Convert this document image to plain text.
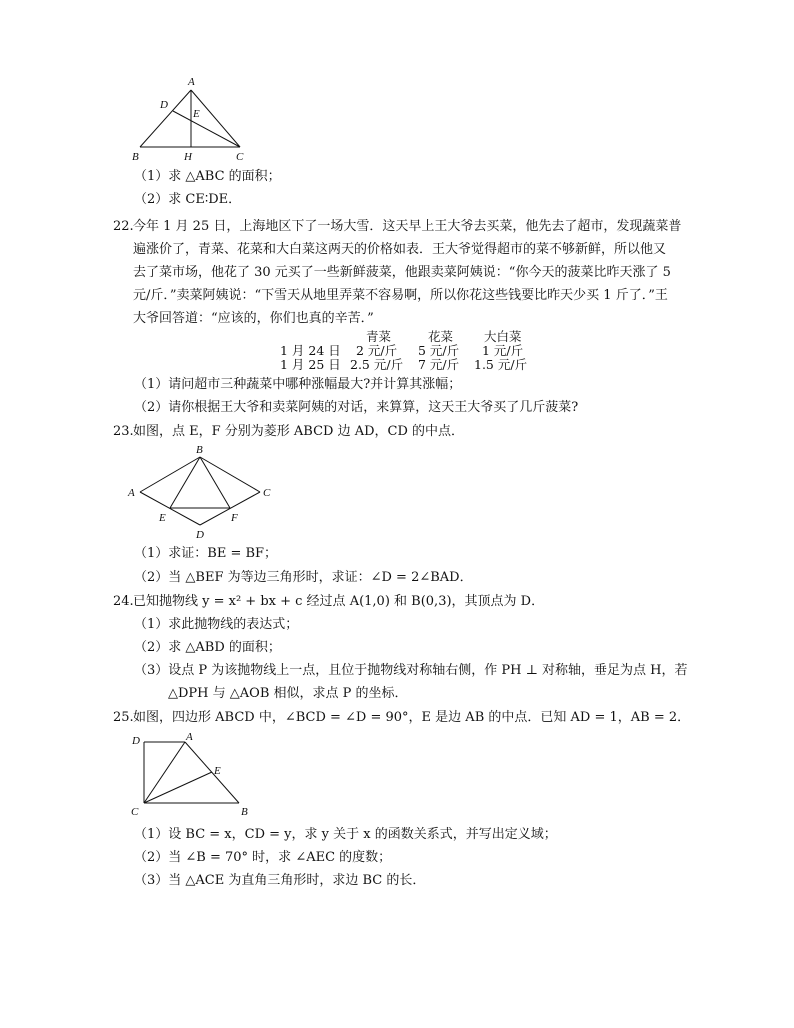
A
D
E
B	H	C
（1）求 △ABC 的面积；
（2）求 CE∶DE．
22. 今年 1 月 25 日，上海地区下了一场大雪．这天早上王大爷去买菜，他先去了超市，发现蔬菜普
遍涨价了，青菜、花菜和大白菜这两天的价格如表．王大爷觉得超市的菜不够新鲜，所以他又
去了菜市场，他花了 30 元买了一些新鲜菠菜，他跟卖菜阿姨说：“你今天的菠菜比昨天涨了 5
元/斤．”卖菜阿姨说：“下雪天从地里弄菜不容易啊，所以你花这些钱要比昨天少买 1 斤了．”王
大爷回答道：“应该的，你们也真的辛苦．”
青菜	花菜 大白菜
1 月 24 日 2 元/斤 5 元/斤 1 元/斤
1 月 25 日 2.5 元/斤 7 元/斤 1.5 元/斤
（1）请问超市三种蔬菜中哪种涨幅最大?并计算其涨幅；
（2）请你根据王大爷和卖菜阿姨的对话，来算算，这天王大爷买了几斤菠菜?
23. 如图，点 E，F 分别为菱形 ABCD 边 AD，CD 的中点．
B
A	C
E	F
D
（1）求证：BE = BF；
（2）当 △BEF 为等边三角形时，求证：∠D = 2∠BAD．
24. 已知抛物线 y = x² + bx + c 经过点 A(1,0) 和 B(0,3)，其顶点为 D．
（1）求此抛物线的表达式；
（2）求 △ABD 的面积；
（3）设点 P 为该抛物线上一点，且位于抛物线对称轴右侧，作 PH ⊥ 对称轴，垂足为点 H，若
△DPH 与 △AOB 相似，求点 P 的坐标．
25. 如图，四边形 ABCD 中，∠BCD = ∠D = 90°，E 是边 AB 的中点．已知 AD = 1，AB = 2．
D	A
E
C	B
（1）设 BC = x，CD = y，求 y 关于 x 的函数关系式，并写出定义域；
（2）当 ∠B = 70° 时，求 ∠AEC 的度数；
（3）当 △ACE 为直角三角形时，求边 BC 的长．
